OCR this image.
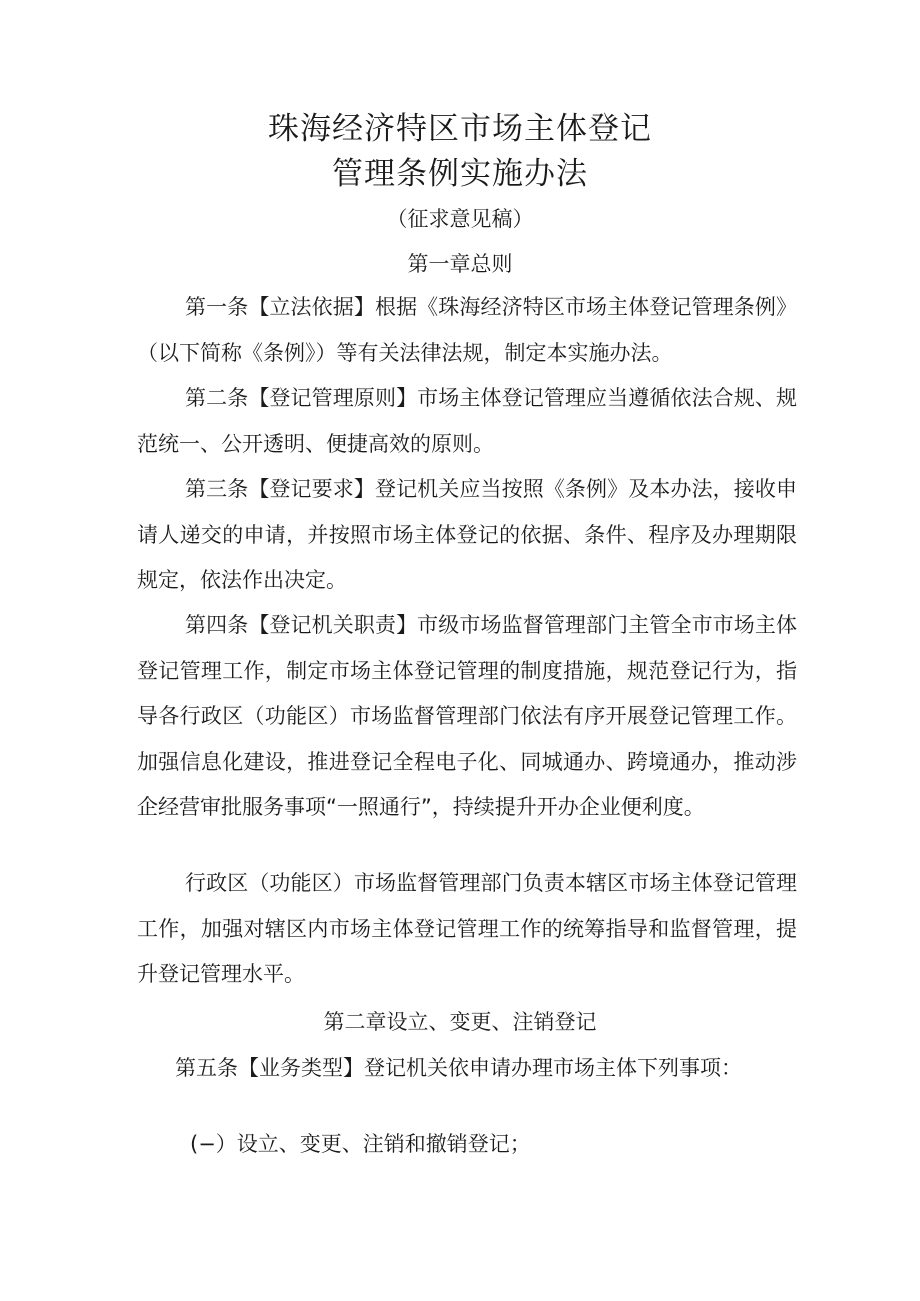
珠海经济特区市场主体登记
管理条例实施办法
（征求意见稿）
第一章总则

第一条【立法依据】根据《珠海经济特区市场主体登记管理条例》（以下简称《条例》）等有关法律法规，制定本实施办法。

第二条【登记管理原则】市场主体登记管理应当遵循依法合规、规范统一、公开透明、便捷高效的原则。

第三条【登记要求】登记机关应当按照《条例》及本办法，接收申请人递交的申请，并按照市场主体登记的依据、条件、程序及办理期限规定，依法作出决定。

第四条【登记机关职责】市级市场监督管理部门主管全市市场主体登记管理工作，制定市场主体登记管理的制度措施，规范登记行为，指导各行政区（功能区）市场监督管理部门依法有序开展登记管理工作。加强信息化建设，推进登记全程电子化、同城通办、跨境通办，推动涉企经营审批服务事项“一照通行”，持续提升开办企业便利度。

行政区（功能区）市场监督管理部门负责本辖区市场主体登记管理工作，加强对辖区内市场主体登记管理工作的统筹指导和监督管理，提升登记管理水平。

第二章设立、变更、注销登记

第五条【业务类型】登记机关依申请办理市场主体下列事项：

(−）设立、变更、注销和撤销登记；
